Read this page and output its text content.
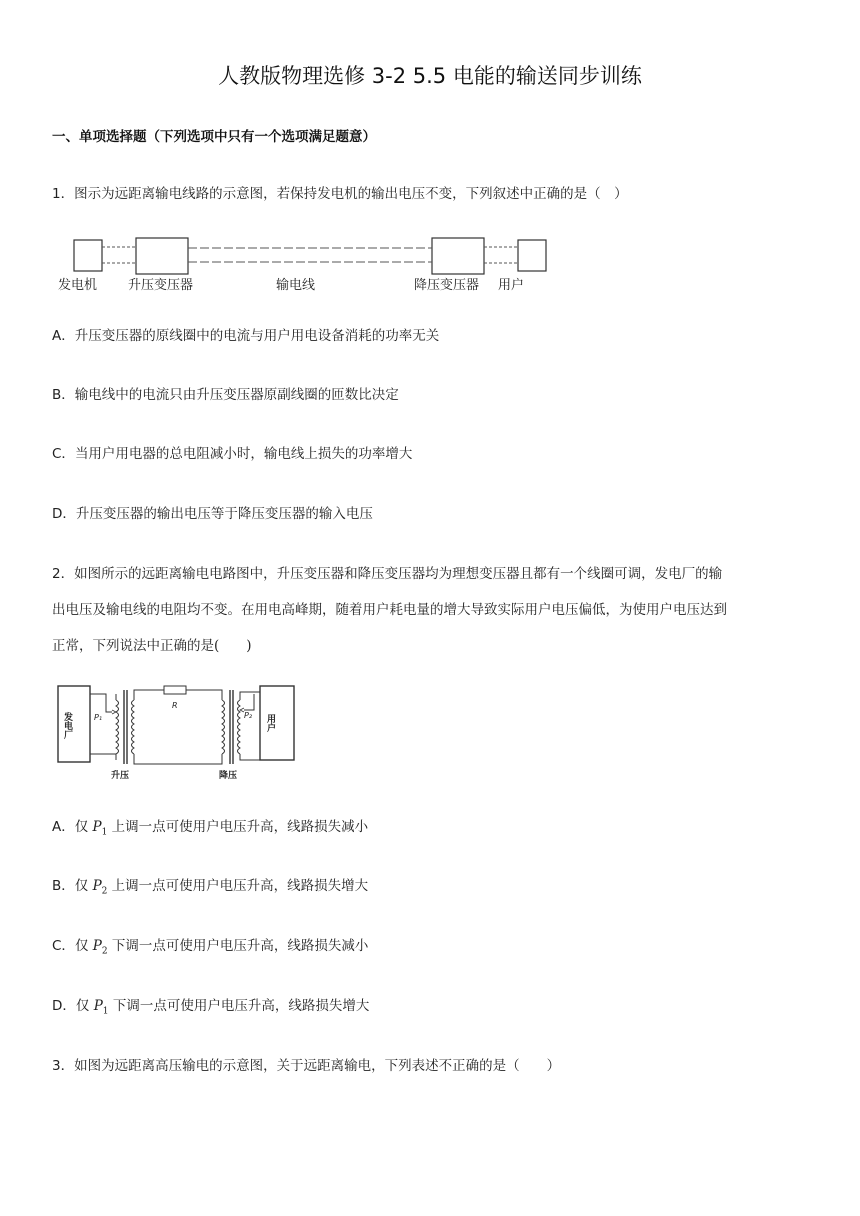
人教版物理选修 3-2 5.5 电能的输送同步训练
一、单项选择题（下列选项中只有一个选项满足题意）
1．图示为远距离输电线路的示意图，若保持发电机的输出电压不变，下列叙述中正确的是（　）
发电机 升压变压器	输电线	降压变压器 用户
A．升压变压器的原线圈中的电流与用户用电设备消耗的功率无关
B．输电线中的电流只由升压变压器原副线圈的匝数比决定
C．当用户用电器的总电阻减小时，输电线上损失的功率增大
D．升压变压器的输出电压等于降压变压器的输入电压
2．如图所示的远距离输电电路图中，升压变压器和降压变压器均为理想变压器且都有一个线圈可调，发电厂的输
出电压及输电线的电阻均不变。在用电高峰期，随着用户耗电量的增大导致实际用户电压偏低，为使用户电压达到
正常，下列说法中正确的是(　　)
发电厂	P₁
R
P₂ 用户
升压	降压
A．仅 $P_1$ 上调一点可使用户电压升高，线路损失减小
B．仅 $P_2$ 上调一点可使用户电压升高，线路损失增大
C．仅 $P_2$ 下调一点可使用户电压升高，线路损失减小
D．仅 $P_1$ 下调一点可使用户电压升高，线路损失增大
3．如图为远距离高压输电的示意图，关于远距离输电，下列表述不正确的是（　　）
